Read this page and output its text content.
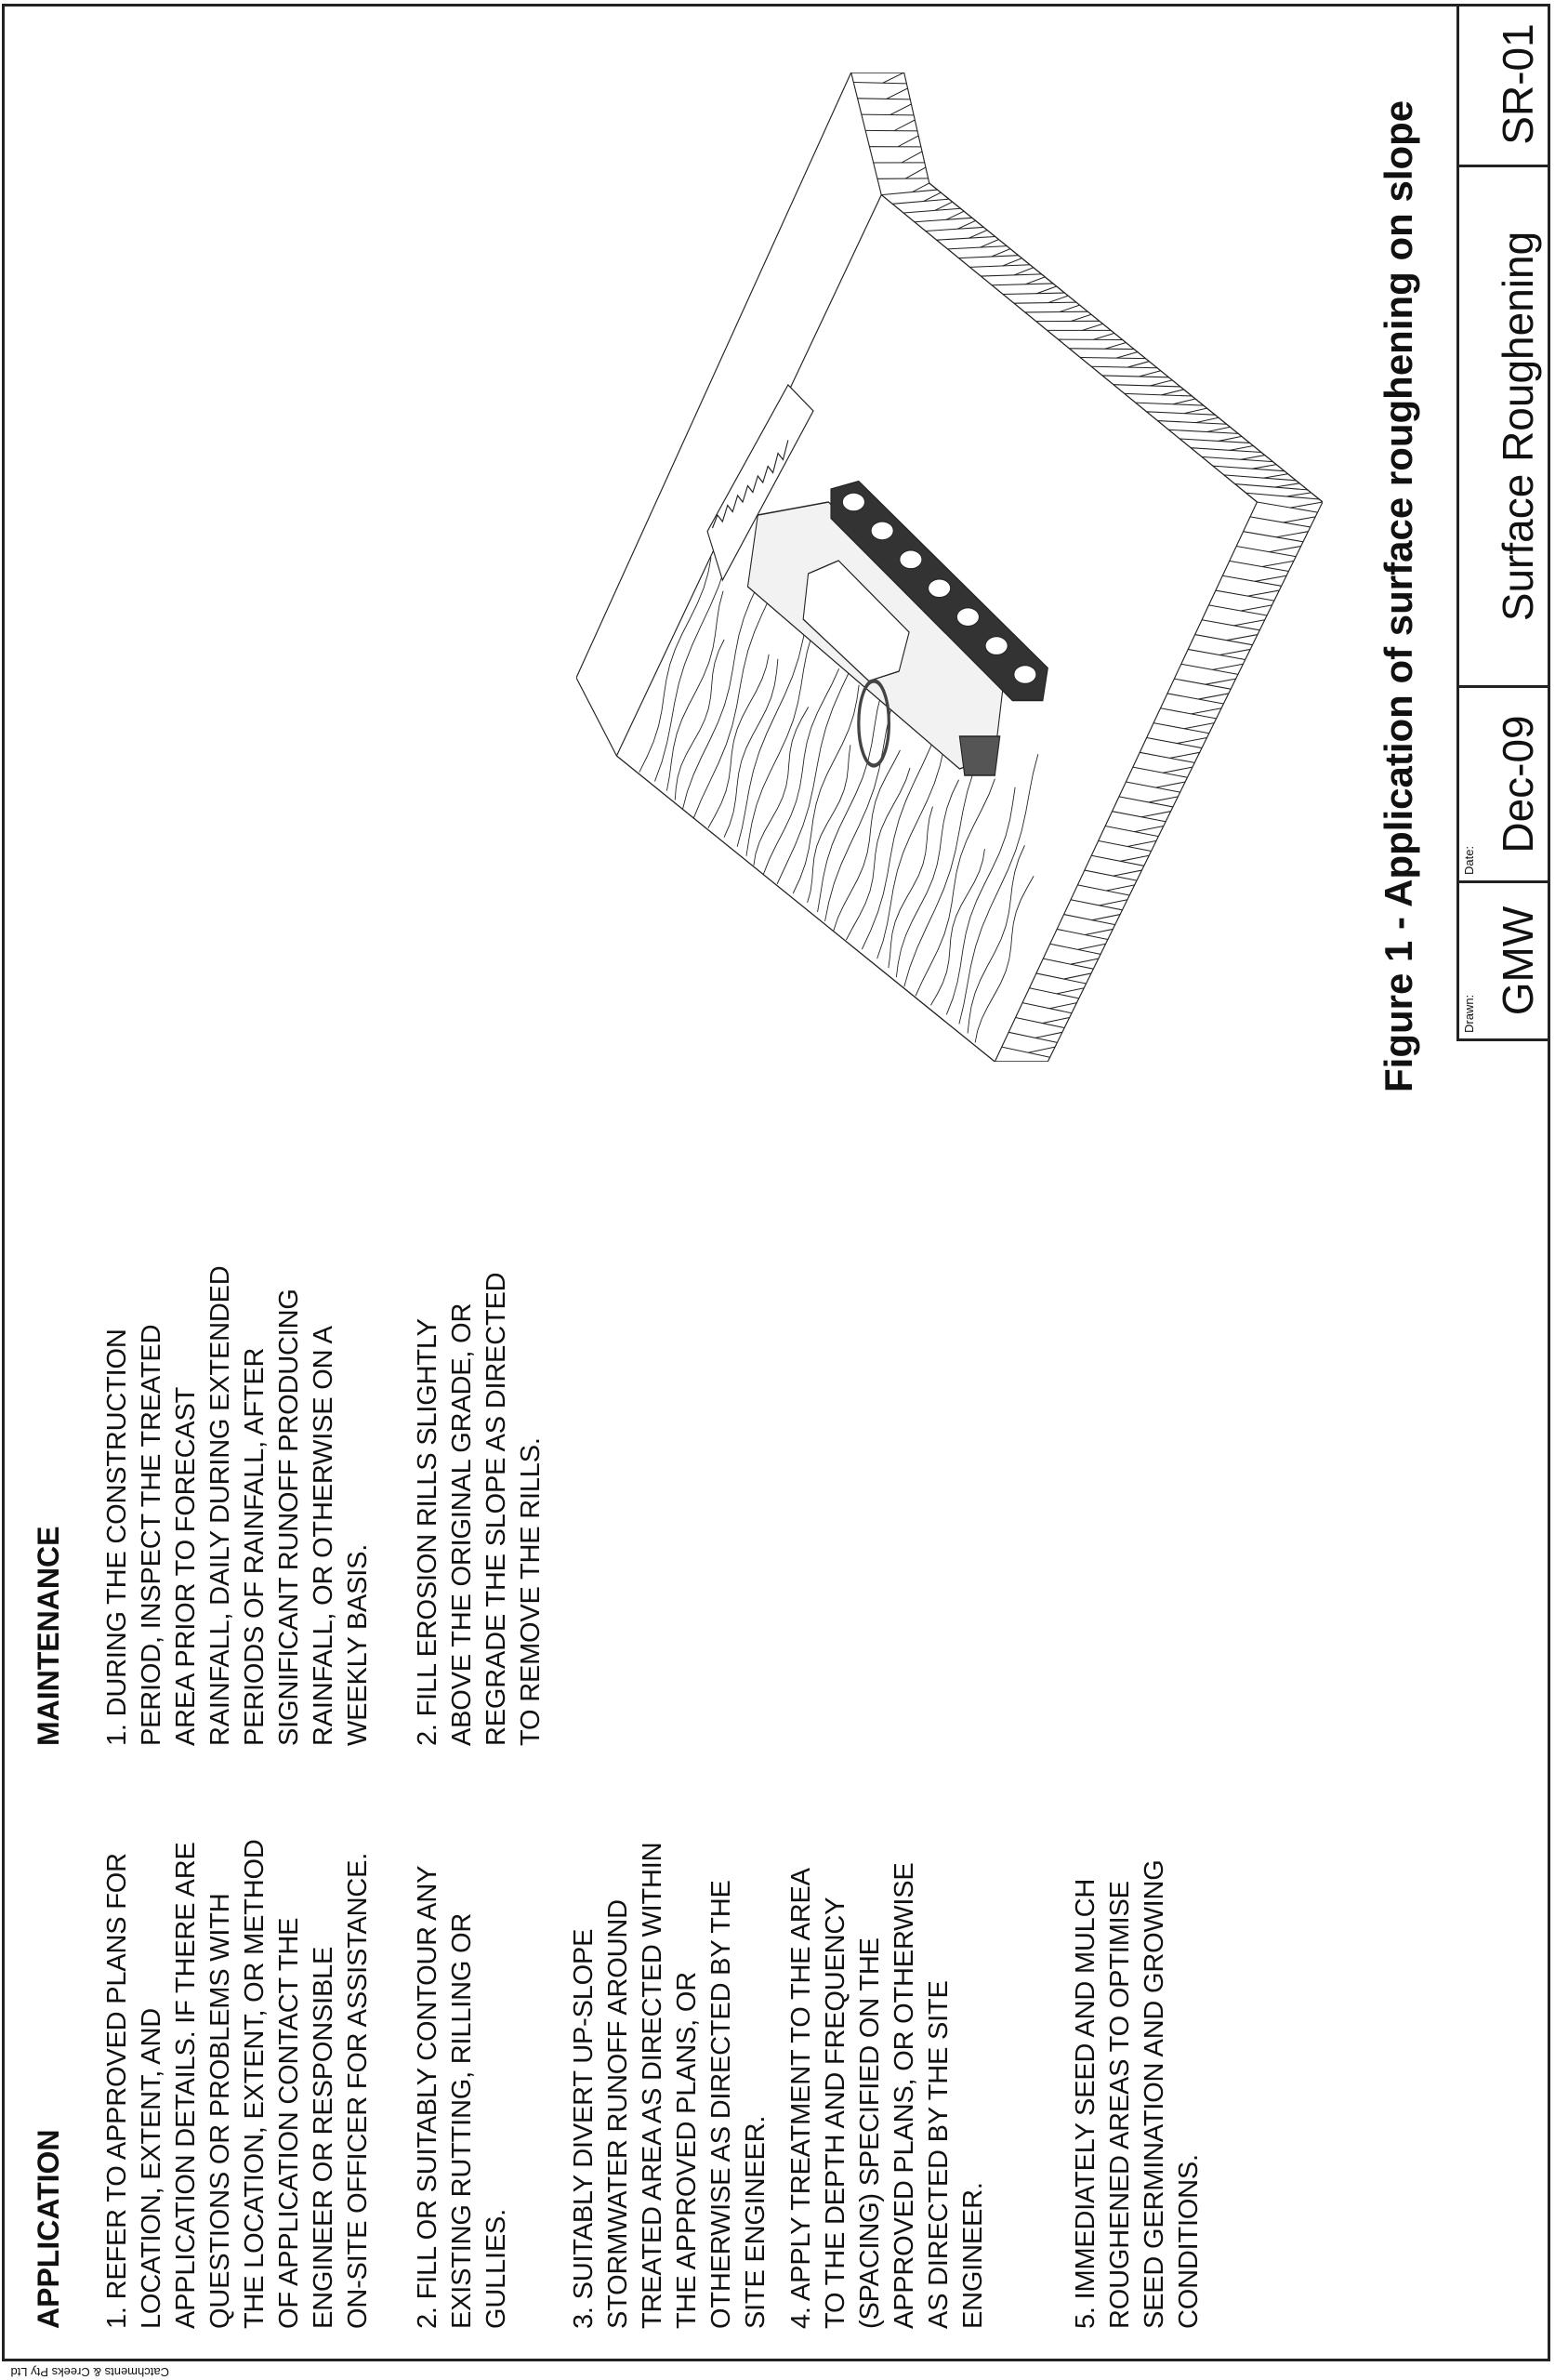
APPLICATION
MAINTENANCE
1. REFER TO APPROVED PLANS FOR LOCATION, EXTENT, AND APPLICATION DETAILS. IF THERE ARE QUESTIONS OR PROBLEMS WITH THE LOCATION, EXTENT, OR METHOD OF APPLICATION CONTACT THE ENGINEER OR RESPONSIBLE ON-SITE OFFICER FOR ASSISTANCE. 2. FILL OR SUITABLY CONTOUR ANY EXISTING RUTTING, RILLING OR GULLIES. 3. SUITABLY DIVERT UP-SLOPE STORMWATER RUNOFF AROUND TREATED AREA AS DIRECTED WITHIN THE APPROVED PLANS, OR OTHERWISE AS DIRECTED BY THE SITE ENGINEER. 4. APPLY TREATMENT TO THE AREA TO THE DEPTH AND FREQUENCY (SPACING) SPECIFIED ON THE APPROVED PLANS, OR OTHERWISE AS DIRECTED BY THE SITE ENGINEER.	5. IMMEDIATELY SEED AND MULCH ROUGHENED AREAS TO OPTIMISE SEED GERMINATION AND GROWING CONDITIONS.
1. DURING THE CONSTRUCTION PERIOD, INSPECT THE TREATED AREA PRIOR TO FORECAST RAINFALL, DAILY DURING EXTENDED PERIODS OF RAINFALL, AFTER SIGNIFICANT RUNOFF PRODUCING RAINFALL, OR OTHERWISE ON A WEEKLY BASIS. 2. FILL EROSION RILLS SLIGHTLY ABOVE THE ORIGINAL GRADE, OR REGRADE THE SLOPE AS DIRECTED TO REMOVE THE RILLS.
Figure 1 - Application of surface roughening on slope	Drawn: GMW
Date:
Dec-09
Surface Roughening
SR-01
Catchments & Creeks Pty Ltd
